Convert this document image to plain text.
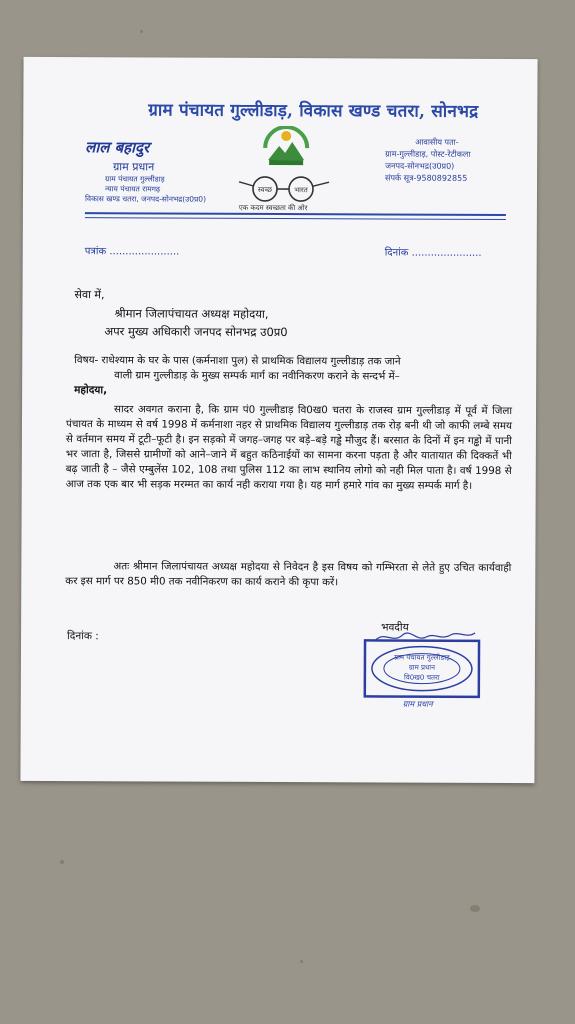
ग्राम पंचायत गुल्लीडाड़, विकास खण्ड चतरा, सोनभद्र
लाल बहादुर
ग्राम प्रधान
ग्राम पंचायत गुल्लीडाड़
न्याय पंचायत रामगढ़
विकास खण्ड चतरा, जनपद-सोनभद्र(उ0प्र0)
स्वच्छ	भारत
एक कदम स्वच्छता की ओर
आवासीय पता-
ग्राम-गुल्लीडाड़, पोस्ट-रेटीकला
जनपद-सोनभद्र(उ0प्र0)
संपर्क सूत्र-9580892855
पत्रांक ......................	दिनांक ......................
सेवा में,
श्रीमान जिलापंचायत अध्यक्ष महोदया,
अपर मुख्य अधिकारी जनपद सोनभद्र उ0प्र0
विषय- राधेश्याम के घर के पास (कर्मनाशा पुल) से प्राथमिक विद्यालय गुल्लीडाड़ तक जाने
वाली ग्राम गुल्लीडाड़ के मुख्य सम्पर्क मार्ग का नवीनिकरण कराने के सन्दर्भ में–
महोदया,
सादर अवगत कराना है, कि ग्राम पं0 गुल्लीडाड़ वि0ख0 चतरा के राजस्व ग्राम गुल्लीडाड़ में पूर्व में जिला पंचायत के माध्यम से वर्ष 1998 में कर्मनाशा नहर से प्राथमिक विद्यालय गुल्लीडाड़ तक रोड़ बनी थी जो काफी लम्बे समय से वर्तमान समय में टूटी–फूटी है। इन सड़को में जगह–जगह पर बड़े–बड़े गड्ढे मौजुद हैं। बरसात के दिनों में इन गड्ढो में पानी भर जाता है, जिससे ग्रामीणों को आने–जाने में बहुत कठिनाईयों का सामना करना पड़ता है और यातायात की दिक्कतें भी बढ़ जाती है – जैसे एम्बुलेंस 102, 108 तथा पुलिस 112 का लाभ स्थानिय लोगो को नही मिल पाता है। वर्ष 1998 से आज तक एक बार भी सड़क मरम्मत का कार्य नही कराया गया है। यह मार्ग हमारे गांव का मुख्य सम्पर्क मार्ग है।
अतः श्रीमान जिलापंचायत अध्यक्ष महोदया से निवेदन है इस विषय को गम्भिरता से लेते हुए उचित कार्यवाही कर इस मार्ग पर 850 मी0 तक नवीनिकरण का कार्य कराने की कृपा करें।
दिनांक :
भवदीय
ग्राम पंचायत गुल्लीडाड़
ग्राम प्रधान
वि0ख0 चतरा
ग्राम प्रधान
